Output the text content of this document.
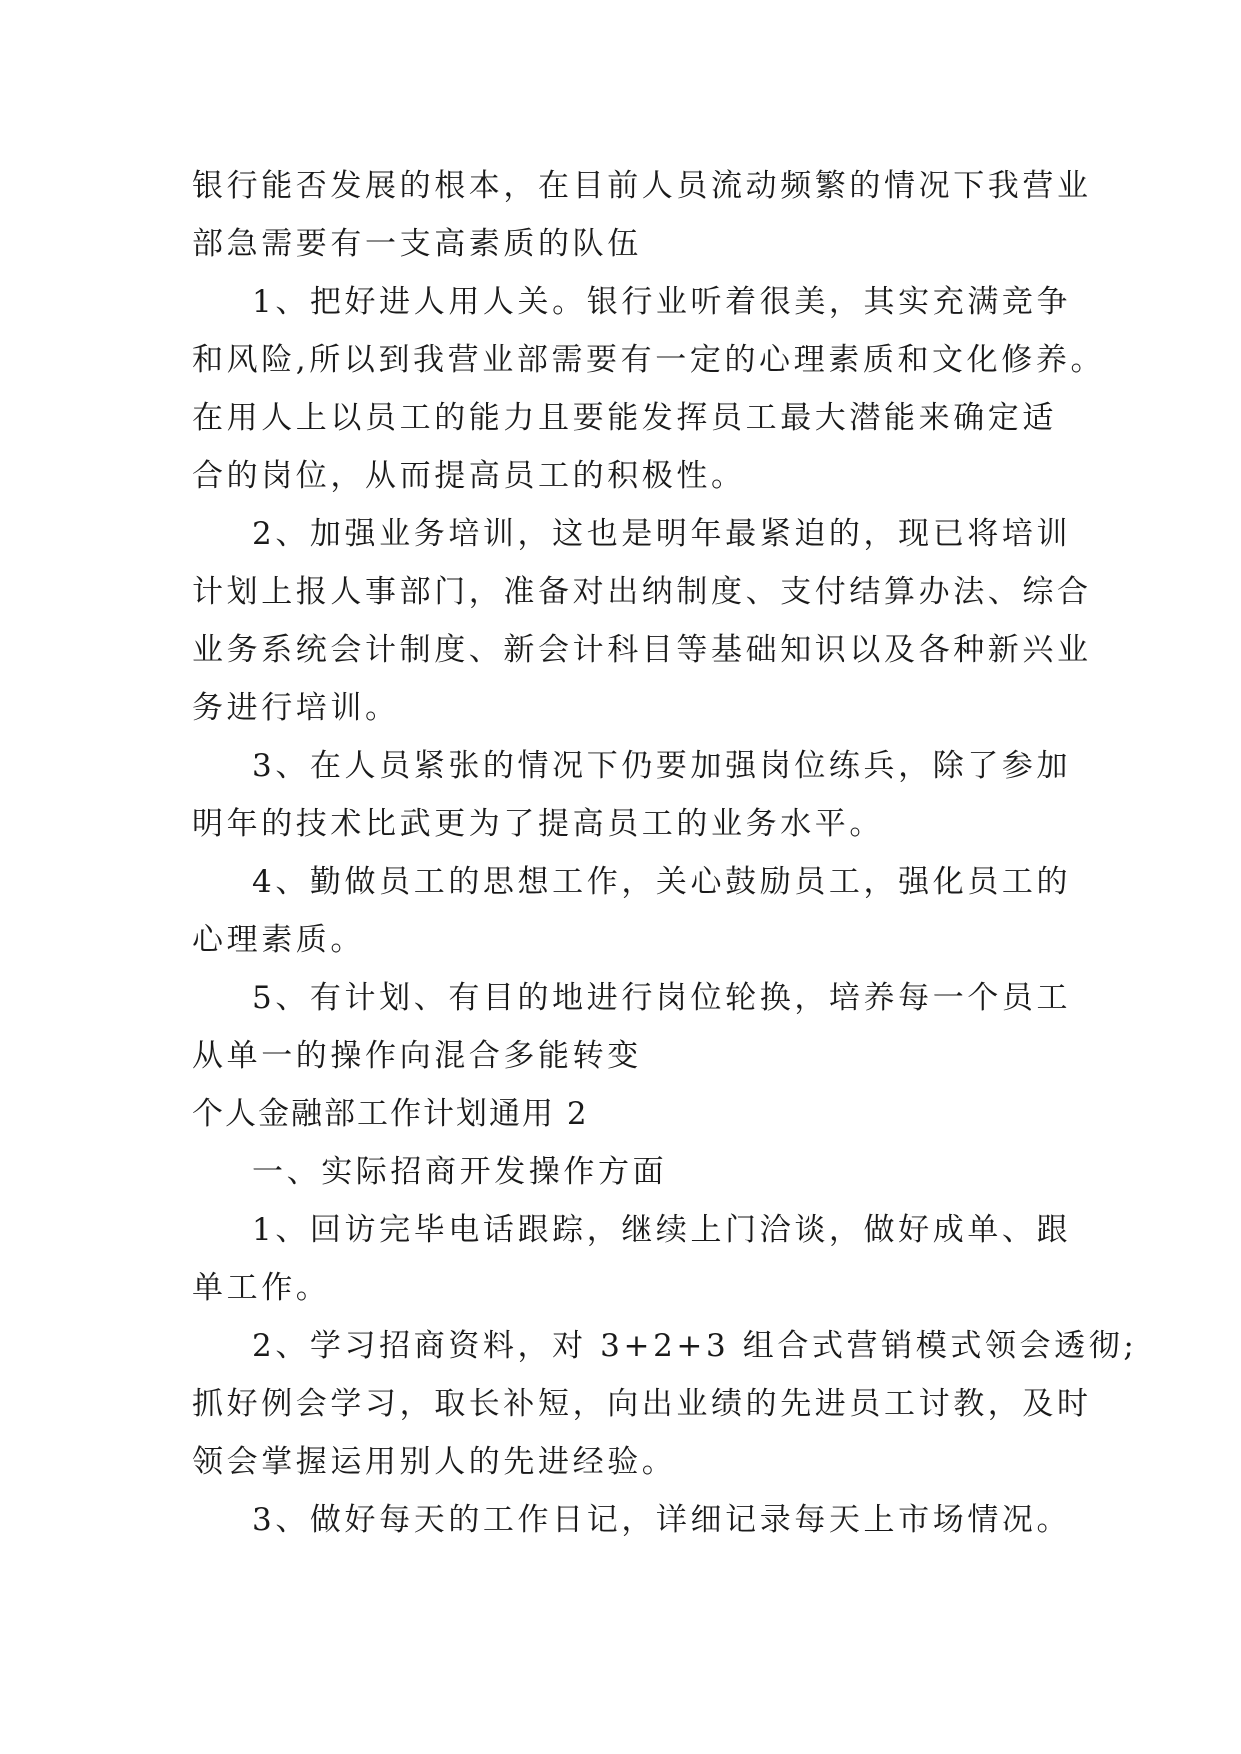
银行能否发展的根本，在目前人员流动频繁的情况下我营业
部急需要有一支高素质的队伍
1、把好进人用人关。银行业听着很美，其实充满竞争
和风险,所以到我营业部需要有一定的心理素质和文化修养。
在用人上以员工的能力且要能发挥员工最大潜能来确定适
合的岗位，从而提高员工的积极性。
2、加强业务培训，这也是明年最紧迫的，现已将培训
计划上报人事部门，准备对出纳制度、支付结算办法、综合
业务系统会计制度、新会计科目等基础知识以及各种新兴业
务进行培训。
3、在人员紧张的情况下仍要加强岗位练兵，除了参加
明年的技术比武更为了提高员工的业务水平。
4、勤做员工的思想工作，关心鼓励员工，强化员工的
心理素质。
5、有计划、有目的地进行岗位轮换，培养每一个员工
从单一的操作向混合多能转变
个人金融部工作计划通用 2
一、实际招商开发操作方面
1、回访完毕电话跟踪，继续上门洽谈，做好成单、跟
单工作。
2、学习招商资料，对 3+2+3 组合式营销模式领会透彻;
抓好例会学习，取长补短，向出业绩的先进员工讨教，及时
领会掌握运用别人的先进经验。
3、做好每天的工作日记，详细记录每天上市场情况。
